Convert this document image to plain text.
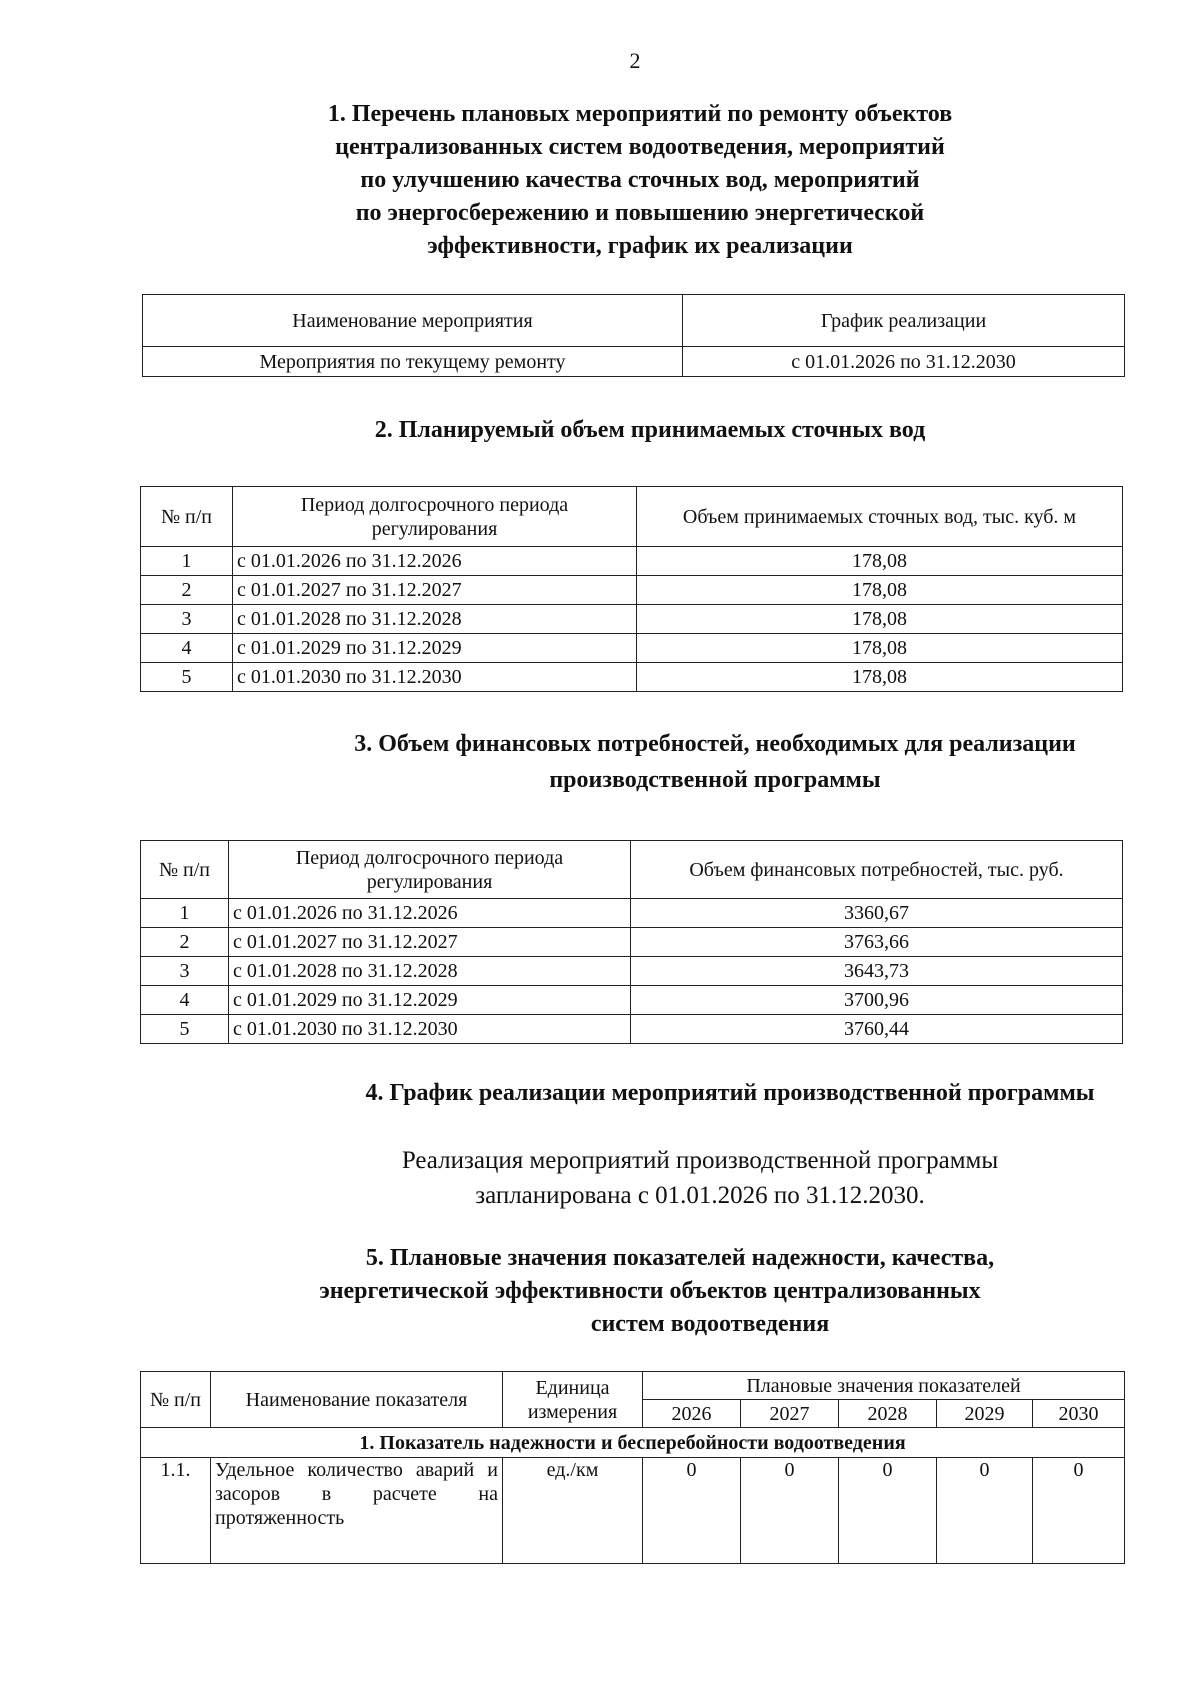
2
1. Перечень плановых мероприятий по ремонту объектов
централизованных систем водоотведения, мероприятий
по улучшению качества сточных вод, мероприятий
по энергосбережению и повышению энергетической
эффективности, график их реализации
Наименование мероприятия	График реализации
Мероприятия по текущему ремонту	с 01.01.2026 по 31.12.2030
2. Планируемый объем принимаемых сточных вод
№ п/п	Период долгосрочного периода регулирования	Объем принимаемых сточных вод, тыс. куб. м
1	с 01.01.2026 по 31.12.2026	178,08
2	с 01.01.2027 по 31.12.2027	178,08
3	с 01.01.2028 по 31.12.2028	178,08
4	с 01.01.2029 по 31.12.2029	178,08
5	с 01.01.2030 по 31.12.2030	178,08
3. Объем финансовых потребностей, необходимых для реализации
производственной программы
№ п/п	Период долгосрочного периода регулирования	Объем финансовых потребностей, тыс. руб.
1	с 01.01.2026 по 31.12.2026	3360,67
2	с 01.01.2027 по 31.12.2027	3763,66
3	с 01.01.2028 по 31.12.2028	3643,73
4	с 01.01.2029 по 31.12.2029	3700,96
5	с 01.01.2030 по 31.12.2030	3760,44
4. График реализации мероприятий производственной программы
Реализация мероприятий производственной программы
запланирована с 01.01.2026 по 31.12.2030.
5. Плановые значения показателей надежности, качества,
энергетической эффективности объектов централизованных
систем водоотведения
№ п/п	Наименование показателя	Единица измерения	Плановые значения показателей				
			2026	2027	2028	2029	2030
1. Показатель надежности и бесперебойности водоотведения							
1.1.	Удельное количество аварий и засоров в расчете на протяженность	ед./км	0	0	0	0	0
